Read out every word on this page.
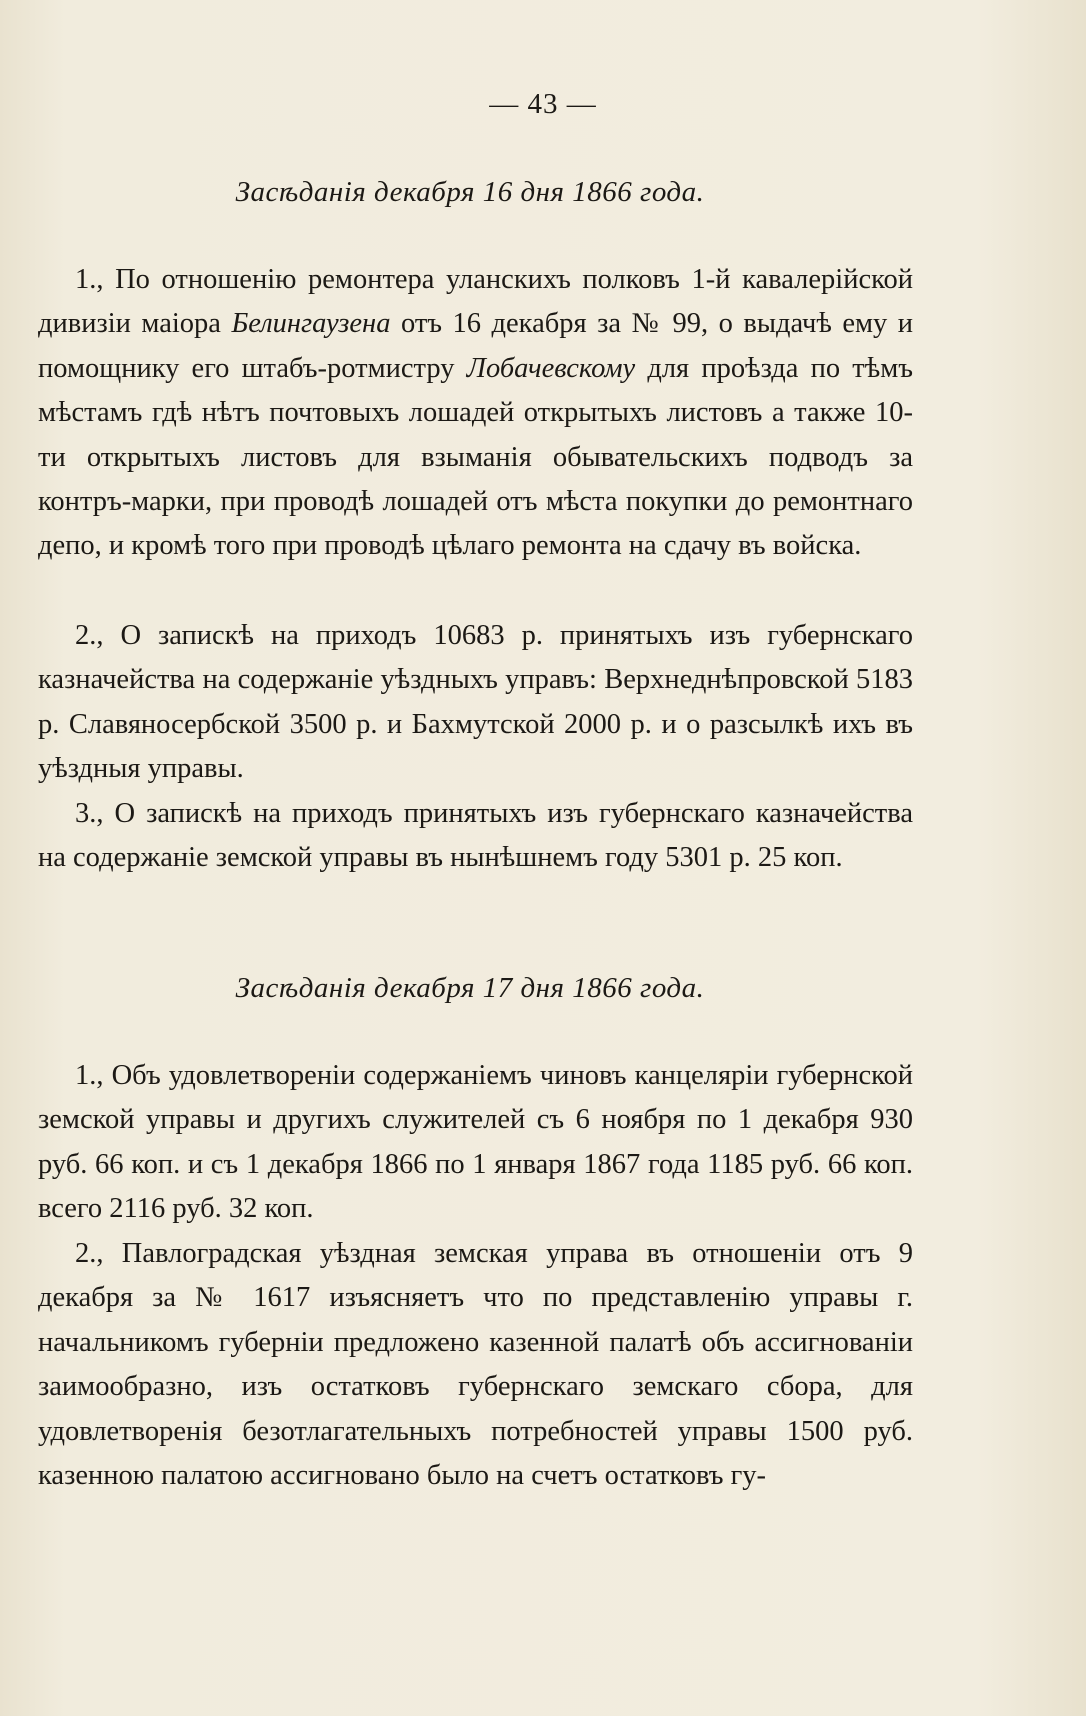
— 43 —
Засѣданія декабря 16 дня 1866 года.
1., По отношенію ремонтера уланскихъ полковъ 1-й кавалерійской дивизіи маіора Белингаузена отъ 16 декабря за № 99, о выдачѣ ему и помощнику его штабъ-ротмистру Лобачевскому для проѣзда по тѣмъ мѣстамъ гдѣ нѣтъ почтовыхъ лошадей открытыхъ листовъ а также 10-ти открытыхъ листовъ для взыманія обывательскихъ подводъ за контръ-марки, при проводѣ лошадей отъ мѣста покупки до ремонтнаго депо, и кромѣ того при проводѣ цѣлаго ремонта на сдачу въ войска.
2., О запискѣ на приходъ 10683 р. принятыхъ изъ губернскаго казначейства на содержаніе уѣздныхъ управъ: Верхнеднѣпровской 5183 р. Славяносербской 3500 р. и Бахмутской 2000 р. и о разсылкѣ ихъ въ уѣздныя управы.
3., О запискѣ на приходъ принятыхъ изъ губернскаго казначейства на содержаніе земской управы въ нынѣшнемъ году 5301 р. 25 коп.
Засѣданія декабря 17 дня 1866 года.
1., Объ удовлетвореніи содержаніемъ чиновъ канцеляріи губернской земской управы и другихъ служителей съ 6 ноября по 1 декабря 930 руб. 66 коп. и съ 1 декабря 1866 по 1 января 1867 года 1185 руб. 66 коп. всего 2116 руб. 32 коп.
2., Павлоградская уѣздная земская управа въ отношеніи отъ 9 декабря за № 1617 изъясняетъ что по представленію управы г. начальникомъ губерніи предложено казенной палатѣ объ ассигнованіи заимообразно, изъ остатковъ губернскаго земскаго сбора, для удовлетворенія безотлагательныхъ потребностей управы 1500 руб. казенною палатою ассигновано было на счетъ остатковъ гу-
